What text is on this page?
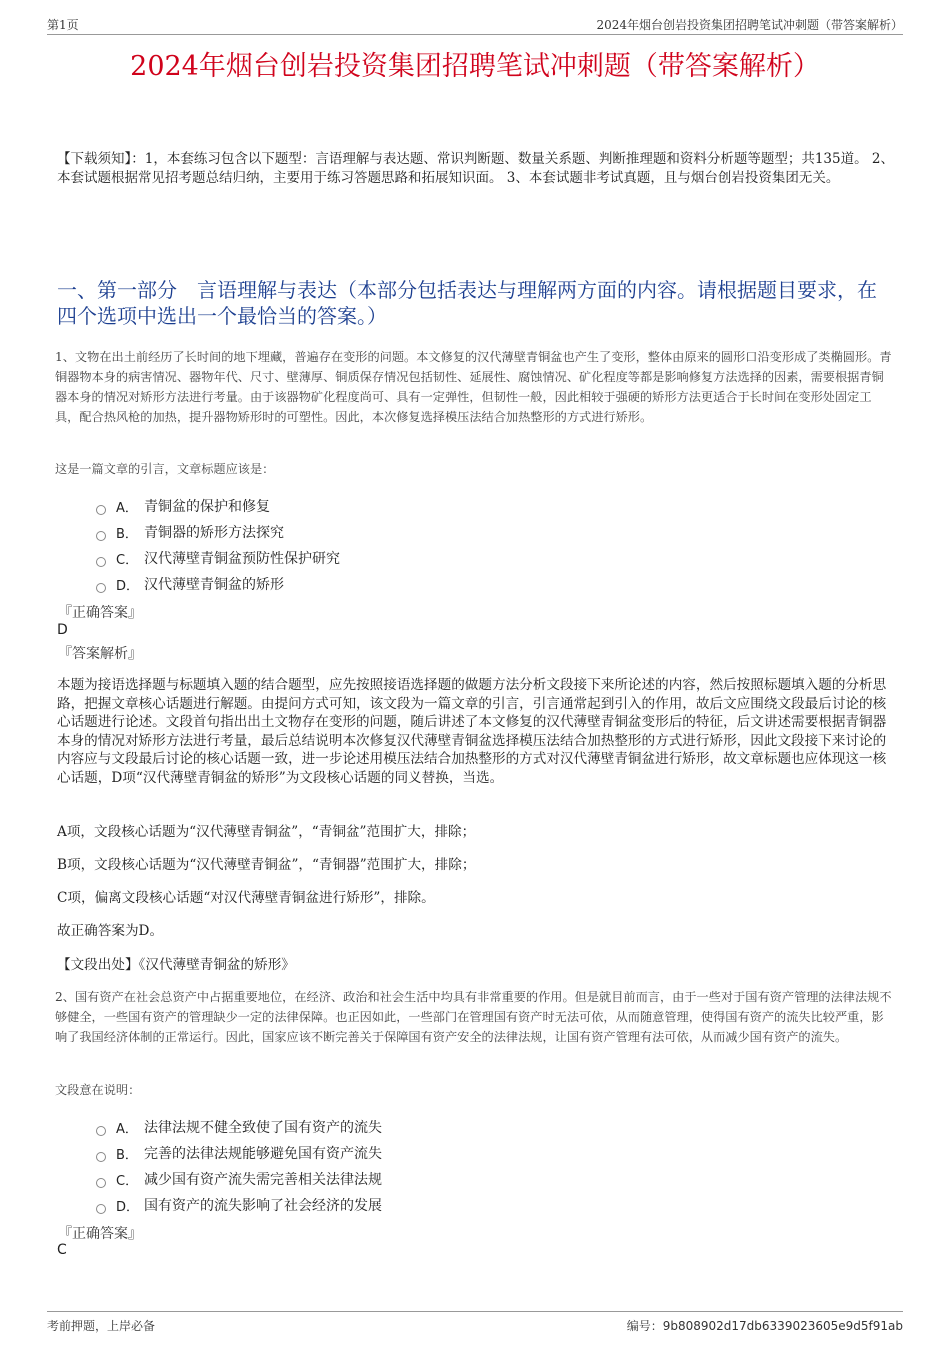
第1页	2024年烟台创岩投资集团招聘笔试冲刺题（带答案解析）
2024年烟台创岩投资集团招聘笔试冲刺题（带答案解析）
【下载须知】：1，本套练习包含以下题型：言语理解与表达题、常识判断题、数量关系题、判断推理题和资料分析题等题型；共135道。 2、本套试题根据常见招考题总结归纳，主要用于练习答题思路和拓展知识面。 3、本套试题非考试真题，且与烟台创岩投资集团无关。
一、第一部分　言语理解与表达（本部分包括表达与理解两方面的内容。请根据题目要求，在四个选项中选出一个最恰当的答案。）
1、文物在出土前经历了长时间的地下埋藏，普遍存在变形的问题。本文修复的汉代薄壁青铜盆也产生了变形，整体由原来的圆形口沿变形成了类椭圆形。青铜器物本身的病害情况、器物年代、尺寸、壁薄厚、铜质保存情况包括韧性、延展性、腐蚀情况、矿化程度等都是影响修复方法选择的因素，需要根据青铜器本身的情况对矫形方法进行考量。由于该器物矿化程度尚可、具有一定弹性，但韧性一般，因此相较于强硬的矫形方法更适合于长时间在变形处固定工具，配合热风枪的加热，提升器物矫形时的可塑性。因此，本次修复选择模压法结合加热整形的方式进行矫形。
这是一篇文章的引言，文章标题应该是：
A． 青铜盆的保护和修复
B． 青铜器的矫形方法探究
C． 汉代薄壁青铜盆预防性保护研究
D． 汉代薄壁青铜盆的矫形
『正确答案』
D
『答案解析』
本题为接语选择题与标题填入题的结合题型，应先按照接语选择题的做题方法分析文段接下来所论述的内容，然后按照标题填入题的分析思路，把握文章核心话题进行解题。由提问方式可知，该文段为一篇文章的引言，引言通常起到引入的作用，故后文应围绕文段最后讨论的核心话题进行论述。文段首句指出出土文物存在变形的问题，随后讲述了本文修复的汉代薄壁青铜盆变形后的特征，后文讲述需要根据青铜器本身的情况对矫形方法进行考量，最后总结说明本次修复汉代薄壁青铜盆选择模压法结合加热整形的方式进行矫形，因此文段接下来讨论的内容应与文段最后讨论的核心话题一致，进一步论述用模压法结合加热整形的方式对汉代薄壁青铜盆进行矫形，故文章标题也应体现这一核心话题，D项“汉代薄壁青铜盆的矫形”为文段核心话题的同义替换，当选。
A项，文段核心话题为“汉代薄壁青铜盆”，“青铜盆”范围扩大，排除；
B项，文段核心话题为“汉代薄壁青铜盆”，“青铜器”范围扩大，排除；
C项，偏离文段核心话题“对汉代薄壁青铜盆进行矫形”，排除。
故正确答案为D。
【文段出处】《汉代薄壁青铜盆的矫形》
2、国有资产在社会总资产中占据重要地位，在经济、政治和社会生活中均具有非常重要的作用。但是就目前而言，由于一些对于国有资产管理的法律法规不够健全，一些国有资产的管理缺少一定的法律保障。也正因如此，一些部门在管理国有资产时无法可依，从而随意管理，使得国有资产的流失比较严重，影响了我国经济体制的正常运行。因此，国家应该不断完善关于保障国有资产安全的法律法规，让国有资产管理有法可依，从而减少国有资产的流失。
文段意在说明：
A． 法律法规不健全致使了国有资产的流失
B． 完善的法律法规能够避免国有资产流失
C． 减少国有资产流失需完善相关法律法规
D． 国有资产的流失影响了社会经济的发展
『正确答案』
C
考前押题，上岸必备	编号：9b808902d17db6339023605e9d5f91ab
